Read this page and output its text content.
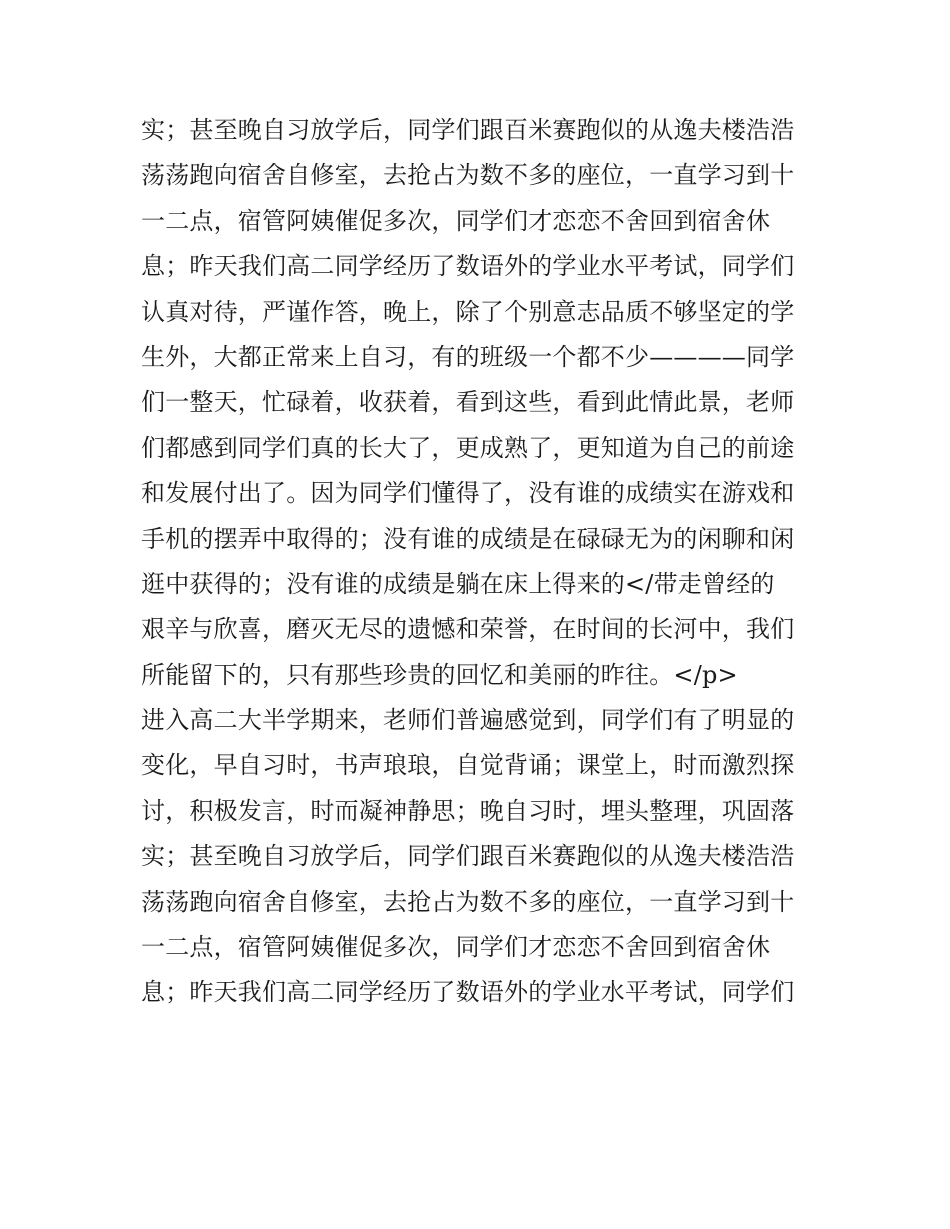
实；甚至晚自习放学后，同学们跟百米赛跑似的从逸夫楼浩浩
荡荡跑向宿舍自修室，去抢占为数不多的座位，一直学习到十
一二点，宿管阿姨催促多次，同学们才恋恋不舍回到宿舍休
息；昨天我们高二同学经历了数语外的学业水平考试，同学们
认真对待，严谨作答，晚上，除了个别意志品质不够坚定的学
生外，大都正常来上自习，有的班级一个都不少————同学
们一整天，忙碌着，收获着，看到这些，看到此情此景，老师
们都感到同学们真的长大了，更成熟了，更知道为自己的前途
和发展付出了。因为同学们懂得了，没有谁的成绩实在游戏和
手机的摆弄中取得的；没有谁的成绩是在碌碌无为的闲聊和闲
逛中获得的；没有谁的成绩是躺在床上得来的</带走曾经的
艰辛与欣喜，磨灭无尽的遗憾和荣誉，在时间的长河中，我们
所能留下的，只有那些珍贵的回忆和美丽的昨往。</p>
进入高二大半学期来，老师们普遍感觉到，同学们有了明显的
变化，早自习时，书声琅琅，自觉背诵；课堂上，时而激烈探
讨，积极发言，时而凝神静思；晚自习时，埋头整理，巩固落
实；甚至晚自习放学后，同学们跟百米赛跑似的从逸夫楼浩浩
荡荡跑向宿舍自修室，去抢占为数不多的座位，一直学习到十
一二点，宿管阿姨催促多次，同学们才恋恋不舍回到宿舍休
息；昨天我们高二同学经历了数语外的学业水平考试，同学们
